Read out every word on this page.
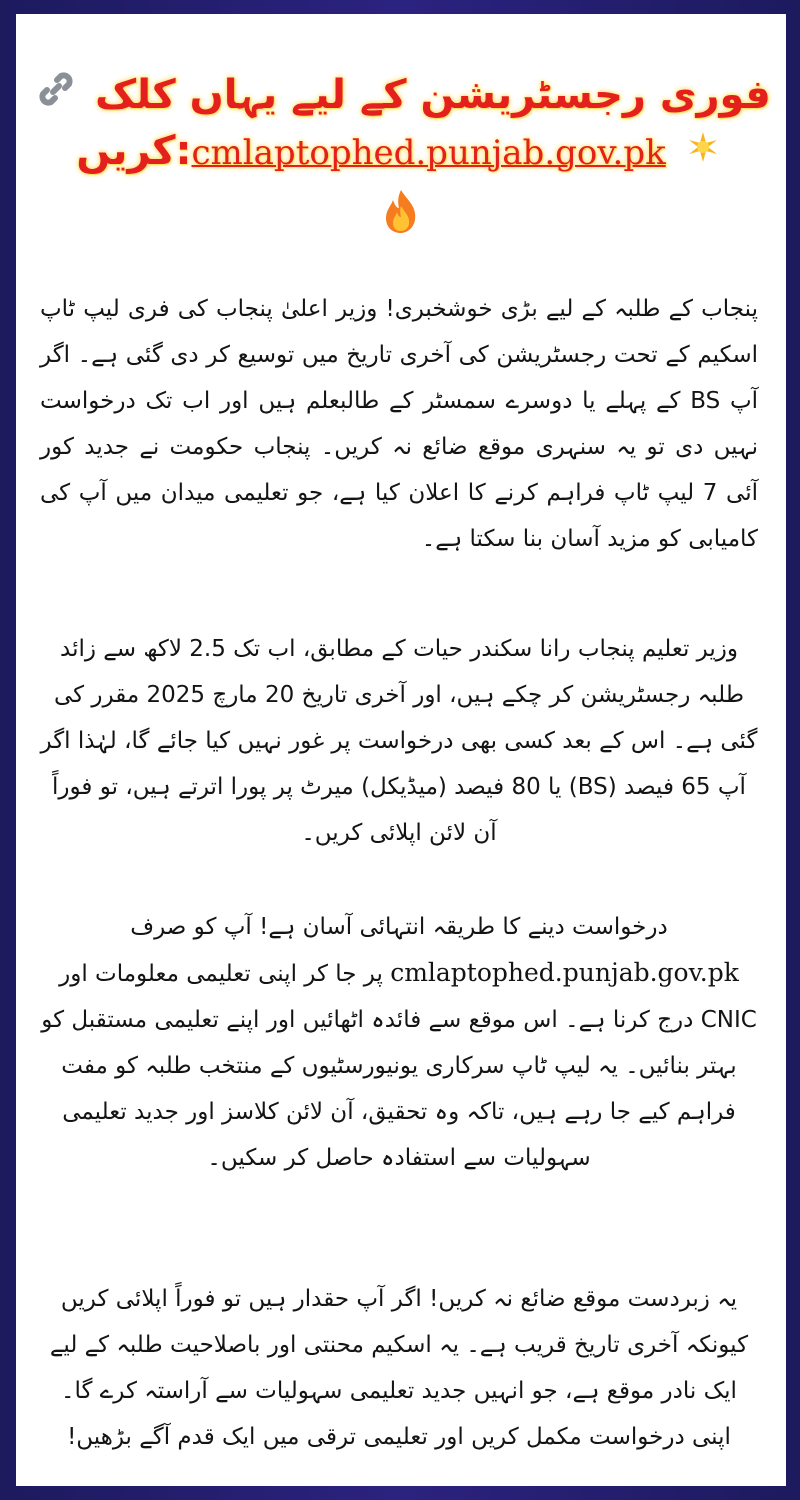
فوری رجسٹریشن کے لیے یہاں کلک
cmlaptophed.punjab.gov.pk:کریں

پنجاب کے طلبہ کے لیے بڑی خوشخبری! وزیر اعلیٰ پنجاب کی فری لیپ ٹاپ اسکیم کے تحت رجسٹریشن کی آخری تاریخ میں توسیع کر دی گئی ہے۔ اگر آپ BS کے پہلے یا دوسرے سمسٹر کے طالبعلم ہیں اور اب تک درخواست نہیں دی تو یہ سنہری موقع ضائع نہ کریں۔ پنجاب حکومت نے جدید کور آئی 7 لیپ ٹاپ فراہم کرنے کا اعلان کیا ہے، جو تعلیمی میدان میں آپ کی کامیابی کو مزید آسان بنا سکتا ہے۔

وزیر تعلیم پنجاب رانا سکندر حیات کے مطابق، اب تک 2.5 لاکھ سے زائد طلبہ رجسٹریشن کر چکے ہیں، اور آخری تاریخ 20 مارچ 2025 مقرر کی گئی ہے۔ اس کے بعد کسی بھی درخواست پر غور نہیں کیا جائے گا، لہٰذا اگر آپ 65 فیصد (BS) یا 80 فیصد (میڈیکل) میرٹ پر پورا اترتے ہیں، تو فوراً آن لائن اپلائی کریں۔

درخواست دینے کا طریقہ انتہائی آسان ہے! آپ کو صرف
cmlaptophed.punjab.gov.pk پر جا کر اپنی تعلیمی معلومات اور CNIC درج کرنا ہے۔ اس موقع سے فائدہ اٹھائیں اور اپنے تعلیمی مستقبل کو بہتر بنائیں۔ یہ لیپ ٹاپ سرکاری یونیورسٹیوں کے منتخب طلبہ کو مفت فراہم کیے جا رہے ہیں، تاکہ وہ تحقیق، آن لائن کلاسز اور جدید تعلیمی سہولیات سے استفادہ حاصل کر سکیں۔

یہ زبردست موقع ضائع نہ کریں! اگر آپ حقدار ہیں تو فوراً اپلائی کریں کیونکہ آخری تاریخ قریب ہے۔ یہ اسکیم محنتی اور باصلاحیت طلبہ کے لیے ایک نادر موقع ہے، جو انہیں جدید تعلیمی سہولیات سے آراستہ کرے گا۔ اپنی درخواست مکمل کریں اور تعلیمی ترقی میں ایک قدم آگے بڑھیں!
